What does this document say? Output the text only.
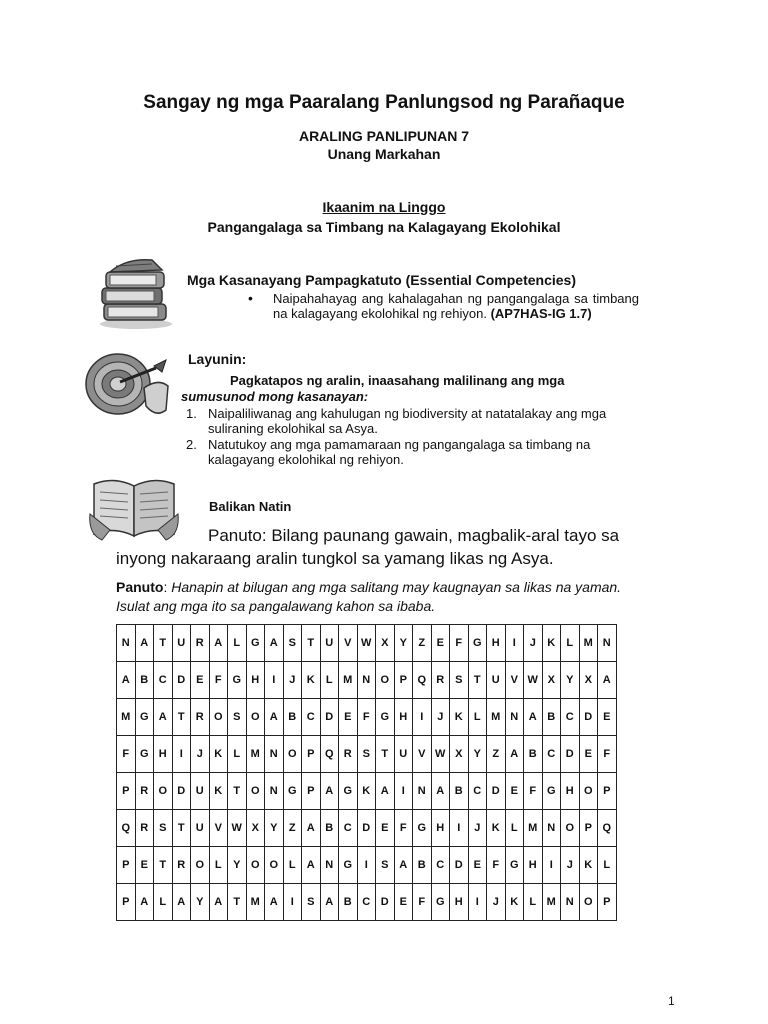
Sangay ng mga Paaralang Panlungsod ng Parañaque
ARALING PANLIPUNAN 7
Unang Markahan
Ikaanim na Linggo
Pangangalaga sa Timbang na Kalagayang Ekolohikal
Mga Kasanayang Pampagkatuto (Essential Competencies)
• Naipahahayag ang kahalagahan ng pangangalaga sa timbang na kalagayang ekolohikal ng rehiyon. (AP7HAS-IG 1.7)
Layunin:
Pagkatapos ng aralin, inaasahang malilinang ang mga
sumusunod mong kasanayan:
1. Naipaliliwanag ang kahulugan ng biodiversity at natatalakay ang mga suliraning ekolohikal sa Asya.
2. Natutukoy ang mga pamamaraan ng pangangalaga sa timbang na kalagayang ekolohikal ng rehiyon.
Balikan Natin
Panuto: Bilang paunang gawain, magbalik-aral tayo sa inyong nakaraang aralin tungkol sa yamang likas ng Asya.
Panuto: Hanapin at bilugan ang mga salitang may kaugnayan sa likas na yaman. Isulat ang mga ito sa pangalawang kahon sa ibaba.
N	A	T	U	R	A	L	G	A	S	T	U	V	W	X	Y	Z	E	F	G	H	I	J	K	L	M	N
A	B	C	D	E	F	G	H	I	J	K	L	M	N	O	P	Q	R	S	T	U	V	W	X	Y	X	A
M	G	A	T	R	O	S	O	A	B	C	D	E	F	G	H	I	J	K	L	M	N	A	B	C	D	E
F	G	H	I	J	K	L	M	N	O	P	Q	R	S	T	U	V	W	X	Y	Z	A	B	C	D	E	F
P	R	O	D	U	K	T	O	N	G	P	A	G	K	A	I	N	A	B	C	D	E	F	G	H	O	P
Q	R	S	T	U	V	W	X	Y	Z	A	B	C	D	E	F	G	H	I	J	K	L	M	N	O	P	Q
P	E	T	R	O	L	Y	O	O	L	A	N	G	I	S	A	B	C	D	E	F	G	H	I	J	K	L
P	A	L	A	Y	A	T	M	A	I	S	A	B	C	D	E	F	G	H	I	J	K	L	M	N	O	P
1
